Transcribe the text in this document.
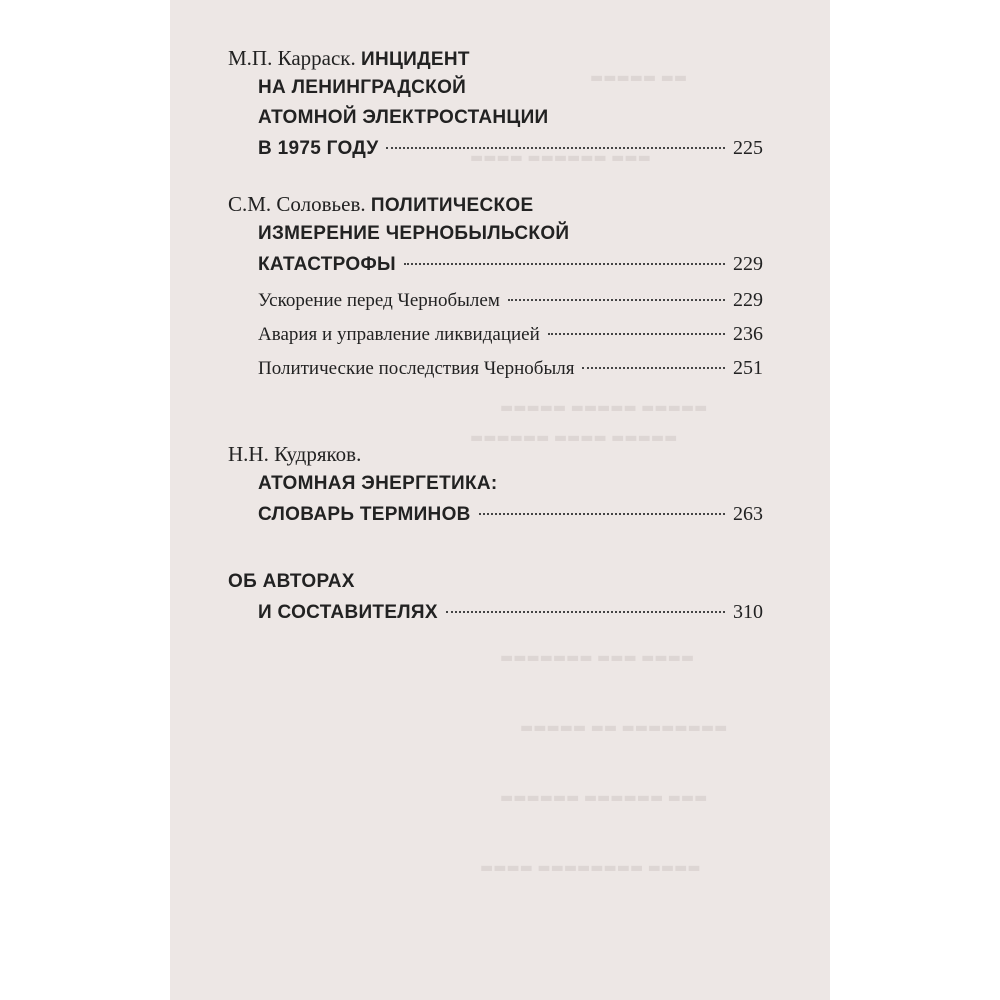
▬▬▬▬▬ ▬▬
▬▬▬▬ ▬▬▬▬▬▬ ▬▬▬
▬▬▬▬▬ ▬▬▬▬▬ ▬▬▬▬▬
▬▬▬▬▬▬ ▬▬▬▬ ▬▬▬▬▬
▬▬▬▬▬▬▬ ▬▬▬ ▬▬▬▬
▬▬▬▬▬ ▬▬ ▬▬▬▬▬▬▬▬
▬▬▬▬▬▬ ▬▬▬▬▬▬ ▬▬▬
▬▬▬▬ ▬▬▬▬▬▬▬▬ ▬▬▬▬
М.П. Карраск. ИНЦИДЕНТ
НА ЛЕНИНГРАДСКОЙ
АТОМНОЙ ЭЛЕКТРОСТАНЦИИ
В 1975 ГОДУ	225
С.М. Соловьев. ПОЛИТИЧЕСКОЕ
ИЗМЕРЕНИЕ ЧЕРНОБЫЛЬСКОЙ
КАТАСТРОФЫ	229
Ускорение перед Чернобылем	229
Авария и управление ликвидацией	236
Политические последствия Чернобыля	251
Н.Н. Кудряков.
АТОМНАЯ ЭНЕРГЕТИКА:
СЛОВАРЬ ТЕРМИНОВ	263
ОБ АВТОРАХ
И СОСТАВИТЕЛЯХ	310
